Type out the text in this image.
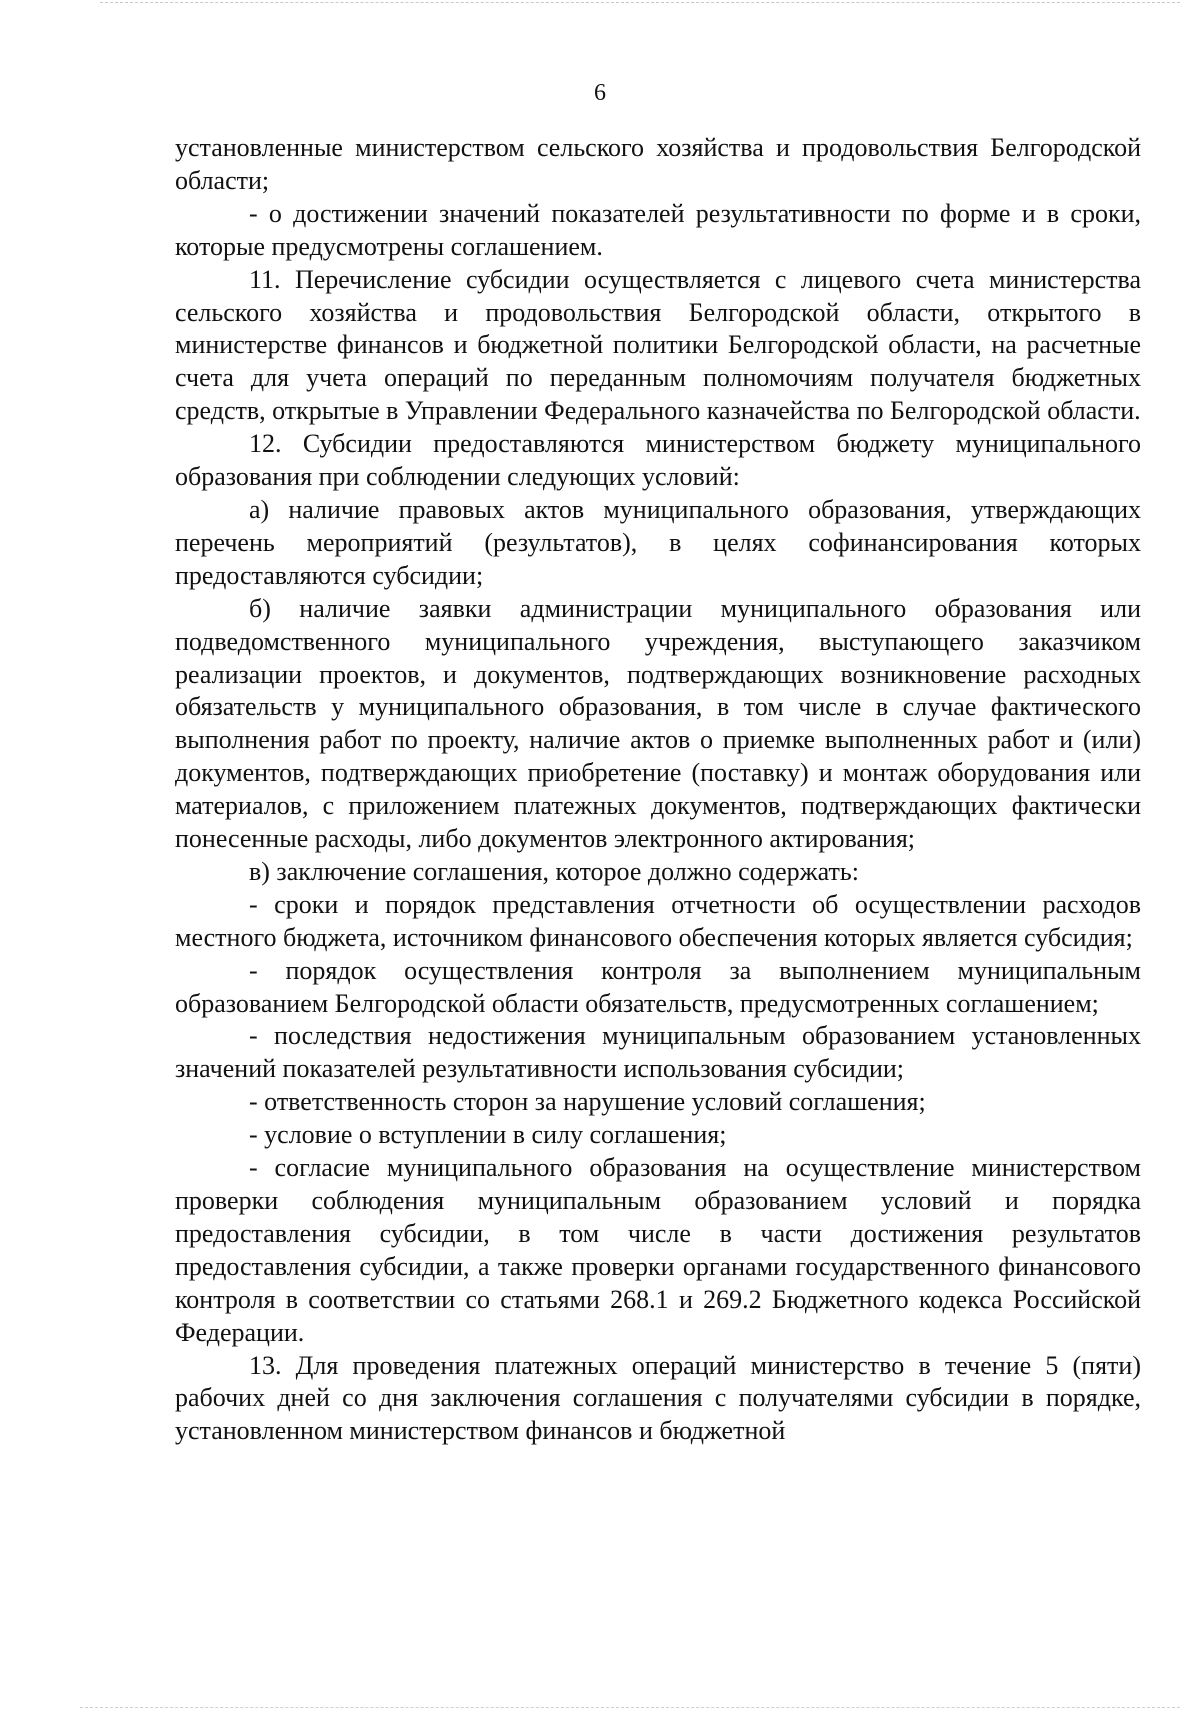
6

установленные министерством сельского хозяйства и продовольствия Белгородской области;

- о достижении значений показателей результативности по форме и в сроки, которые предусмотрены соглашением.

11. Перечисление субсидии осуществляется с лицевого счета министерства сельского хозяйства и продовольствия Белгородской области, открытого в министерстве финансов и бюджетной политики Белгородской области, на расчетные счета для учета операций по переданным полномочиям получателя бюджетных средств, открытые в Управлении Федерального казначейства по Белгородской области.

12. Субсидии предоставляются министерством бюджету муниципального образования при соблюдении следующих условий:

а) наличие правовых актов муниципального образования, утверждающих перечень мероприятий (результатов), в целях софинансирования которых предоставляются субсидии;

б) наличие заявки администрации муниципального образования или подведомственного муниципального учреждения, выступающего заказчиком реализации проектов, и документов, подтверждающих возникновение расходных обязательств у муниципального образования, в том числе в случае фактического выполнения работ по проекту, наличие актов о приемке выполненных работ и (или) документов, подтверждающих приобретение (поставку) и монтаж оборудования или материалов, с приложением платежных документов, подтверждающих фактически понесенные расходы, либо документов электронного актирования;

в) заключение соглашения, которое должно содержать:

- сроки и порядок представления отчетности об осуществлении расходов местного бюджета, источником финансового обеспечения которых является субсидия;

- порядок осуществления контроля за выполнением муниципальным образованием Белгородской области обязательств, предусмотренных соглашением;

- последствия недостижения муниципальным образованием установленных значений показателей результативности использования субсидии;

- ответственность сторон за нарушение условий соглашения;

- условие о вступлении в силу соглашения;

- согласие муниципального образования на осуществление министерством проверки соблюдения муниципальным образованием условий и порядка предоставления субсидии, в том числе в части достижения результатов предоставления субсидии, а также проверки органами государственного финансового контроля в соответствии со статьями 268.1 и 269.2 Бюджетного кодекса Российской Федерации.

13. Для проведения платежных операций министерство в течение 5 (пяти) рабочих дней со дня заключения соглашения с получателями субсидии в порядке, установленном министерством финансов и бюджетной
